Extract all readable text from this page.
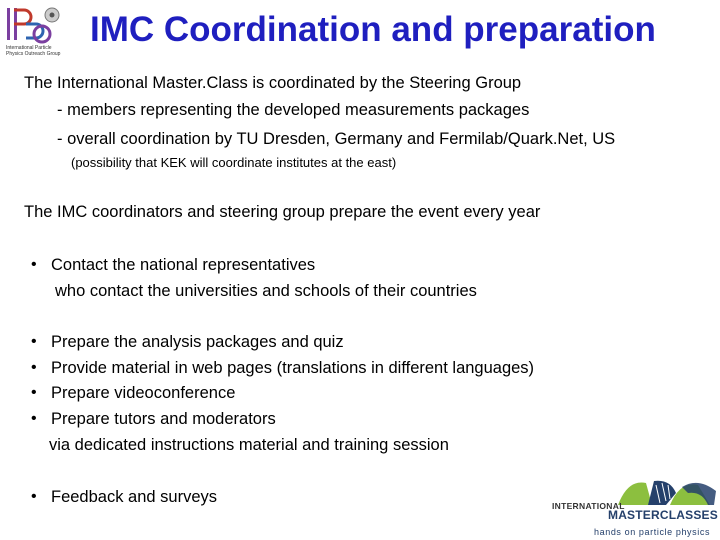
International Particle
Physics Outreach Group
IMC Coordination and preparation
The International Master.Class is coordinated by the Steering Group
- members representing the developed measurements packages
- overall coordination by TU Dresden, Germany and Fermilab/Quark.Net, US
(possibility that KEK will coordinate institutes at the east)
The IMC coordinators and steering group prepare the event every year
• Contact the national representatives
who contact the universities and schools of their countries
• Prepare the analysis packages and quiz
• Provide material in web pages (translations in different languages)
• Prepare videoconference
• Prepare tutors and moderators
via dedicated instructions material and training session
• Feedback and surveys	INTERNATIONAL
MASTERCLASSES
hands on particle physics
